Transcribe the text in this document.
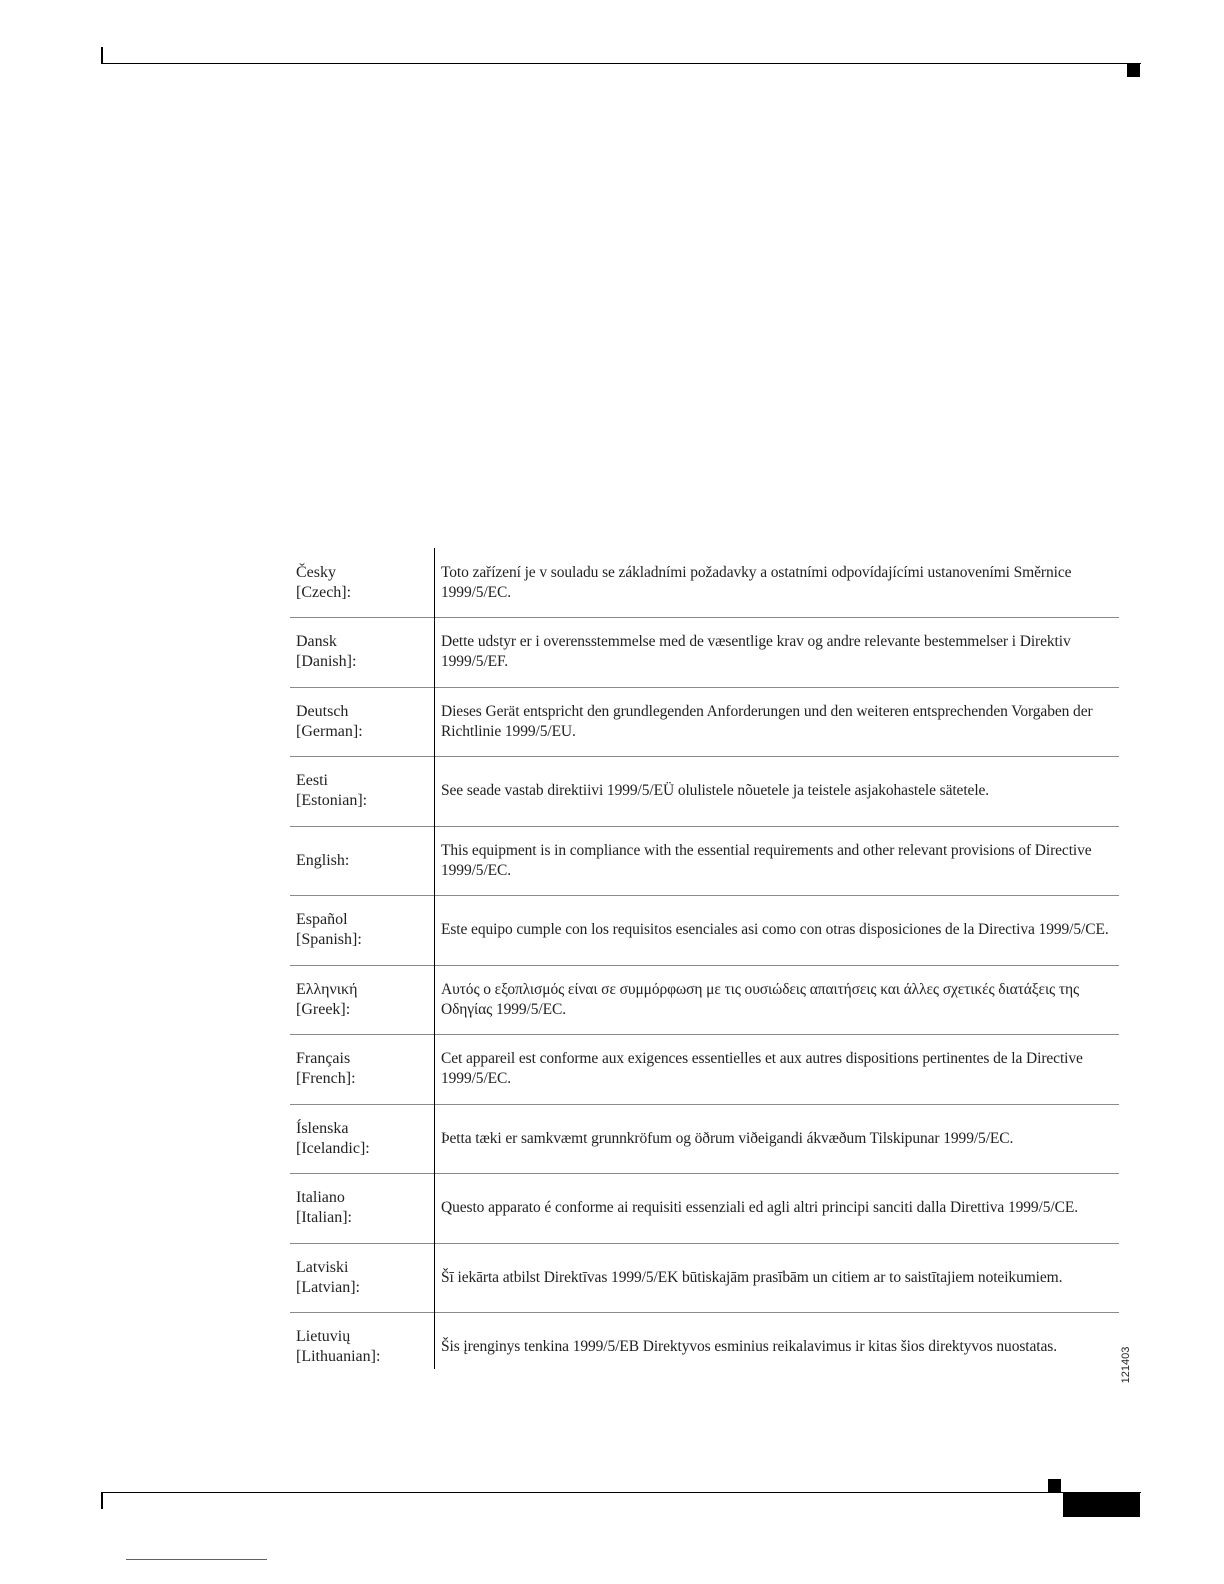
Česky
[Czech]:
Toto zařízení je v souladu se základními požadavky a ostatními odpovídajícími ustanoveními Směrnice 1999/5/EC.
Dansk
[Danish]:
Dette udstyr er i overensstemmelse med de væsentlige krav og andre relevante bestemmelser i Direktiv 1999/5/EF.
Deutsch
[German]:
Dieses Gerät entspricht den grundlegenden Anforderungen und den weiteren entsprechenden Vorgaben der Richtlinie 1999/5/EU.
Eesti
[Estonian]:
See seade vastab direktiivi 1999/5/EÜ olulistele nõuetele ja teistele asjakohastele sätetele.
English:
This equipment is in compliance with the essential requirements and other relevant provisions of Directive 1999/5/EC.
Español
[Spanish]:
Este equipo cumple con los requisitos esenciales asi como con otras disposiciones de la Directiva 1999/5/CE.
Ελληνική
[Greek]:
Αυτός ο εξοπλισμός είναι σε συμμόρφωση με τις ουσιώδεις απαιτήσεις και άλλες σχετικές διατάξεις της Οδηγίας 1999/5/EC.
Français
[French]:
Cet appareil est conforme aux exigences essentielles et aux autres dispositions pertinentes de la Directive 1999/5/EC.
Íslenska
[Icelandic]:
Þetta tæki er samkvæmt grunnkröfum og öðrum viðeigandi ákvæðum Tilskipunar 1999/5/EC.
Italiano
[Italian]:
Questo apparato é conforme ai requisiti essenziali ed agli altri principi sanciti dalla Direttiva 1999/5/CE.
Latviski
[Latvian]:
Šī iekārta atbilst Direktīvas 1999/5/EK būtiskajām prasībām un citiem ar to saistītajiem noteikumiem.
Lietuvių
[Lithuanian]:
Šis įrenginys tenkina 1999/5/EB Direktyvos esminius reikalavimus ir kitas šios direktyvos nuostatas.	121403
